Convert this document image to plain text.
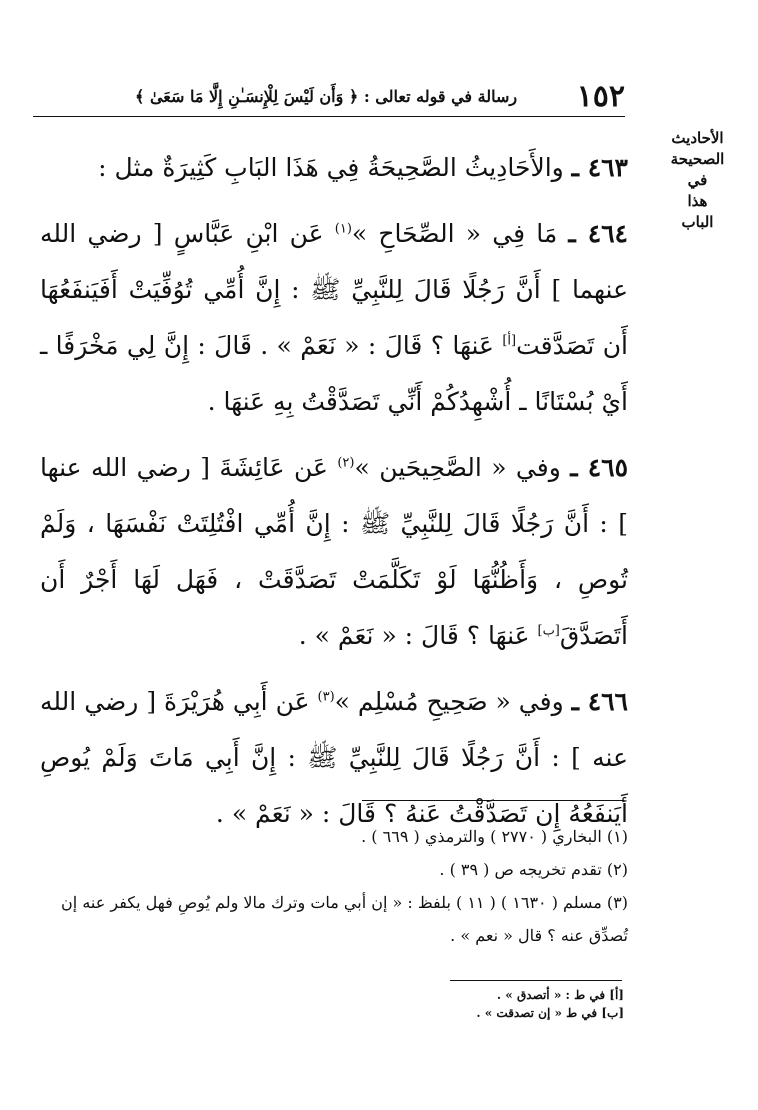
١٥٢
رسالة في قوله تعالى : ﴿ وَأَن لَيْسَ لِلْإِنسَـٰنِ إِلَّا مَا سَعَىٰ ﴾
الأحاديث
الصحيحة
في
هذا
الباب

٤٦٣ ـ والأَحَادِيثُ الصَّحِيحَةُ فِي هَذَا البَابِ كَثِيرَةٌ مثل :

٤٦٤ ـ مَا فِي « الصِّحَاحِ »$^{(١)}$ عَن ابْنِ عَبَّاسٍ [ رضي الله عنهما ] أَنَّ رَجُلًا قَالَ لِلنَّبِيِّ ﷺ : إِنَّ أُمِّي تُوُفِّيَتْ أَفَيَنفَعُهَا أَن تَصَدَّقت[أ] عَنهَا ؟ قَالَ : « نَعَمْ » . قَالَ : إِنَّ لِي مَخْرَفًا ـ أَيْ بُسْتَانًا ـ أُشْهِدُكُمْ أَنِّي تَصَدَّقْتُ بِهِ عَنهَا .

٤٦٥ ـ وفي « الصَّحِيحَين »$^{(٢)}$ عَن عَائِشَةَ [ رضي الله عنها ] : أَنَّ رَجُلًا قَالَ لِلنَّبِيِّ ﷺ : إِنَّ أُمِّي افْتُلِتَتْ نَفْسَهَا ، وَلَمْ تُوصِ ، وَأَظُنُّهَا لَوْ تَكَلَّمَتْ تَصَدَّقَتْ ، فَهَل لَهَا أَجْرٌ أَن أَتَصَدَّقَ[ب] عَنهَا ؟ قَالَ : « نَعَمْ » .

٤٦٦ ـ وفي « صَحِيحِ مُسْلِم »$^{(٣)}$ عَن أَبِي هُرَيْرَةَ [ رضي الله عنه ] : أَنَّ رَجُلًا قَالَ لِلنَّبِيِّ ﷺ : إِنَّ أَبِي مَاتَ وَلَمْ يُوصِ أَيَنفَعُهُ إِن تَصَدَّقْتُ عَنهُ ؟ قَالَ : « نَعَمْ » .

(١) البخاري ( ٢٧٧٠ ) والترمذي ( ٦٦٩ ) .

(٢) تقدم تخريجه ص ( ٣٩ ) .

(٣) مسلم ( ١٦٣٠ ) ( ١١ ) بلفظ : « إن أبي مات وترك مالا ولم يُوصِ فهل يكفر عنه إن تُصدِّق عنه ؟ قال « نعم » .

[أ] في ط : « أتصدق » .

[ب] في ط « إن تصدقت » .
